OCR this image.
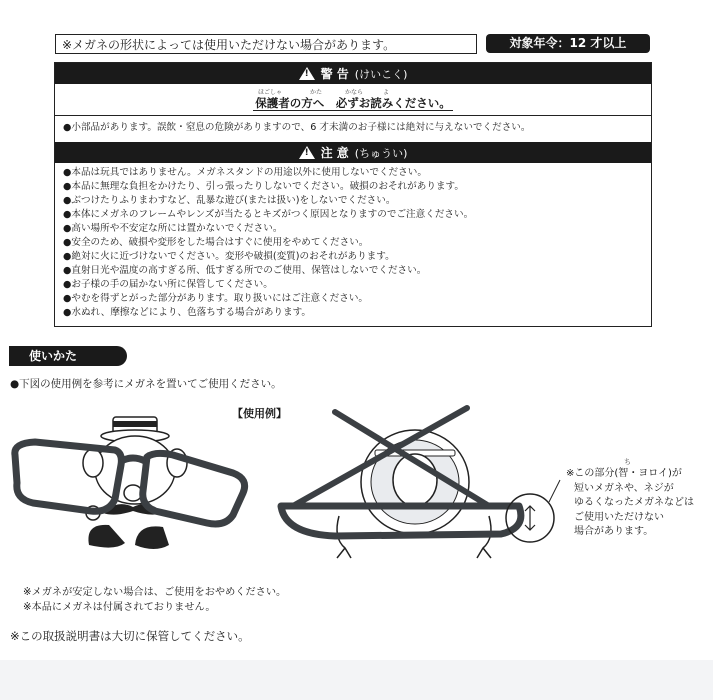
※メガネの形状によっては使用いただけない場合があります。	対象年令：12 才以上
! 警 告 (けいこく)
ほごしゃ	かた	かなら	よ
保護者の方へ　必ずお読みください。
●小部品があります。誤飲・窒息の危険がありますので、6 才未満のお子様には絶対に与えないでください。
! 注 意 (ちゅうい)
●本品は玩具ではありません。メガネスタンドの用途以外に使用しないでください。
●本品に無理な負担をかけたり、引っ張ったりしないでください。破損のおそれがあります。
●ぶつけたりふりまわすなど、乱暴な遊び(または扱い)をしないでください。
●本体にメガネのフレームやレンズが当たるとキズがつく原因となりますのでご注意ください。
●高い場所や不安定な所には置かないでください。
●安全のため、破損や変形をした場合はすぐに使用をやめてください。
●絶対に火に近づけないでください。変形や破損(変質)のおそれがあります。
●直射日光や温度の高すぎる所、低すぎる所でのご使用、保管はしないでください。
●お子様の手の届かない所に保管してください。
●やむを得ずとがった部分があります。取り扱いにはご注意ください。
●水ぬれ、摩擦などにより、色落ちする場合があります。
使いかた
●下図の使用例を参考にメガネを置いてご使用ください。
【使用例】
ち
※この部分(智・ヨロイ)が
短いメガネや、ネジが
ゆるくなったメガネなどは
ご使用いただけない
場合があります。
※メガネが安定しない場合は、ご使用をおやめください。
※本品にメガネは付属されておりません。
※この取扱説明書は大切に保管してください。
